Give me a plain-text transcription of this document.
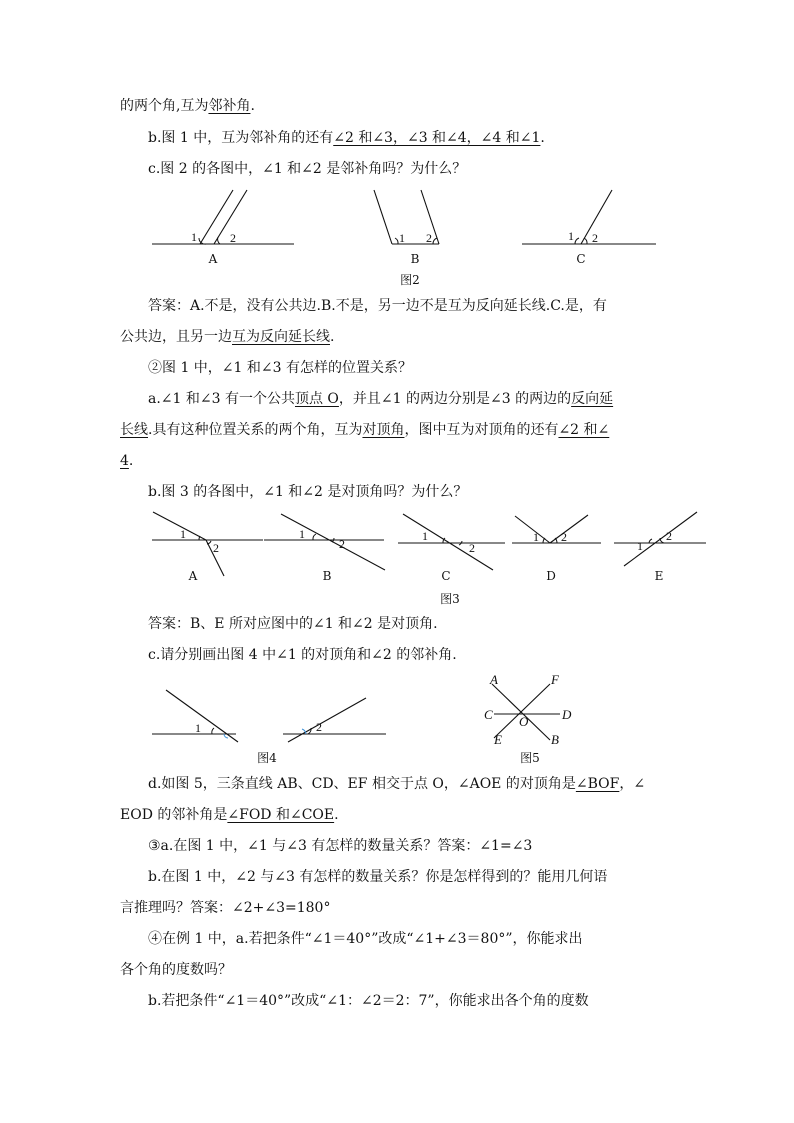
的两个角,互为邻补角.
b.图 1 中，互为邻补角的还有∠2 和∠3，∠3 和∠4，∠4 和∠1.
c.图 2 的各图中，∠1 和∠2 是邻补角吗？为什么？
1	2	1 2	1 2
A	B	C
图2
答案：A.不是，没有公共边.B.不是，另一边不是互为反向延长线.C.是，有
公共边，且另一边互为反向延长线.
②图 1 中，∠1 和∠3 有怎样的位置关系？
a.∠1 和∠3 有一个公共顶点 O，并且∠1 的两边分别是∠3 的两边的反向延
长线.具有这种位置关系的两个角，互为对顶角，图中互为对顶角的还有∠2 和∠
4.
b.图 3 的各图中，∠1 和∠2 是对顶角吗？为什么？
1
2
1
2
1
2
1 2
1
2
A	B	C	D	E
图3
答案：B、E 所对应图中的∠1 和∠2 是对顶角.
c.请分别画出图 4 中∠1 的对顶角和∠2 的邻补角.
1	2
图4
A	F
C O	D
E	B
图5
d.如图 5，三条直线 AB、CD、EF 相交于点 O，∠AOE 的对顶角是∠BOF，∠
EOD 的邻补角是∠FOD 和∠COE.
③a.在图 1 中，∠1 与∠3 有怎样的数量关系？答案：∠1=∠3
b.在图 1 中，∠2 与∠3 有怎样的数量关系？你是怎样得到的？能用几何语
言推理吗？答案：∠2+∠3=180°
④在例 1 中，a.若把条件“∠1＝40°”改成“∠1+∠3＝80°”，你能求出
各个角的度数吗？
b.若把条件“∠1＝40°”改成“∠1：∠2＝2：7”，你能求出各个角的度数
